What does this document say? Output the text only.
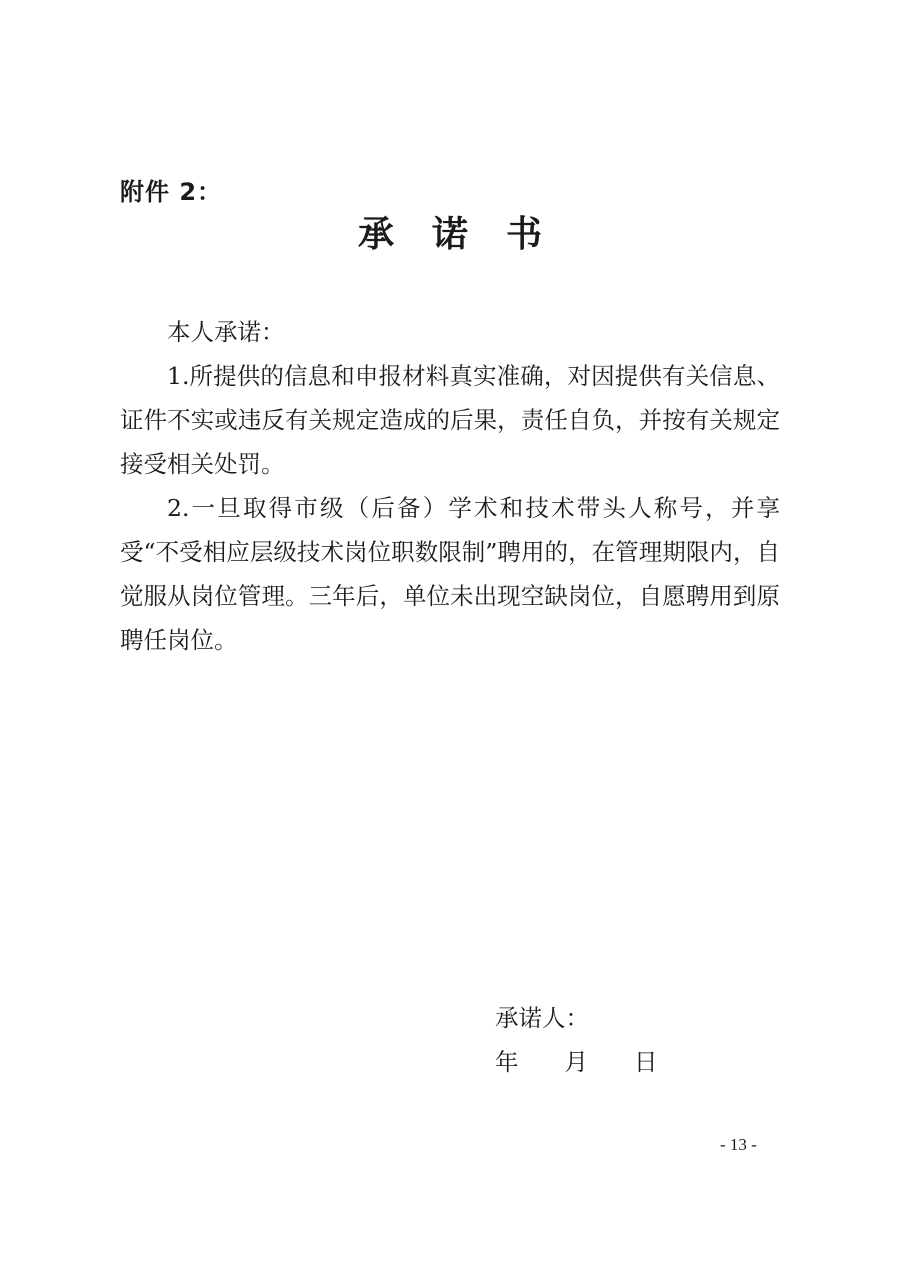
附件 2：
承诺书

本人承诺：

1.所提供的信息和申报材料真实准确，对因提供有关信息、证件不实或违反有关规定造成的后果，责任自负，并按有关规定接受相关处罚。

2.一旦取得市级（后备）学术和技术带头人称号，并享受“不受相应层级技术岗位职数限制”聘用的，在管理期限内，自觉服从岗位管理。三年后，单位未出现空缺岗位，自愿聘用到原聘任岗位。

承诺人：
年 月 日
- 13 -
